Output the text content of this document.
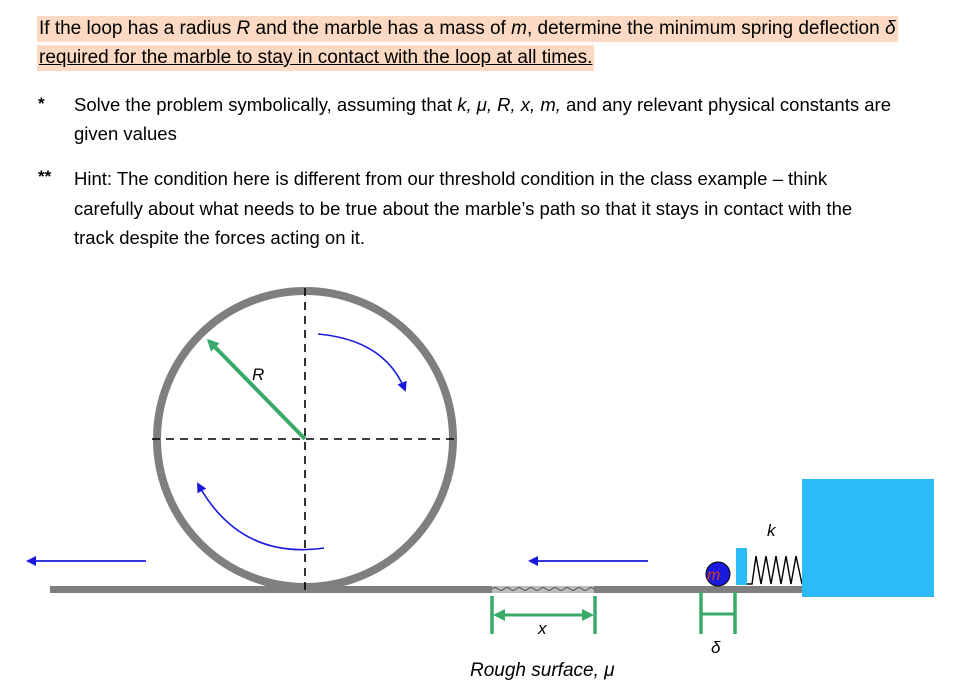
If the loop has a radius R and the marble has a mass of m, determine the minimum spring deflection δ
required for the marble to stay in contact with the loop at all times.
* Solve the problem symbolically, assuming that k, μ, R, x, m, and any relevant physical constants are
given values
** Hint: The condition here is different from our threshold condition in the class example – think
carefully about what needs to be true about the marble’s path so that it stays in contact with the
track despite the forces acting on it.
R
x
δ
m
k
Rough surface, μ
